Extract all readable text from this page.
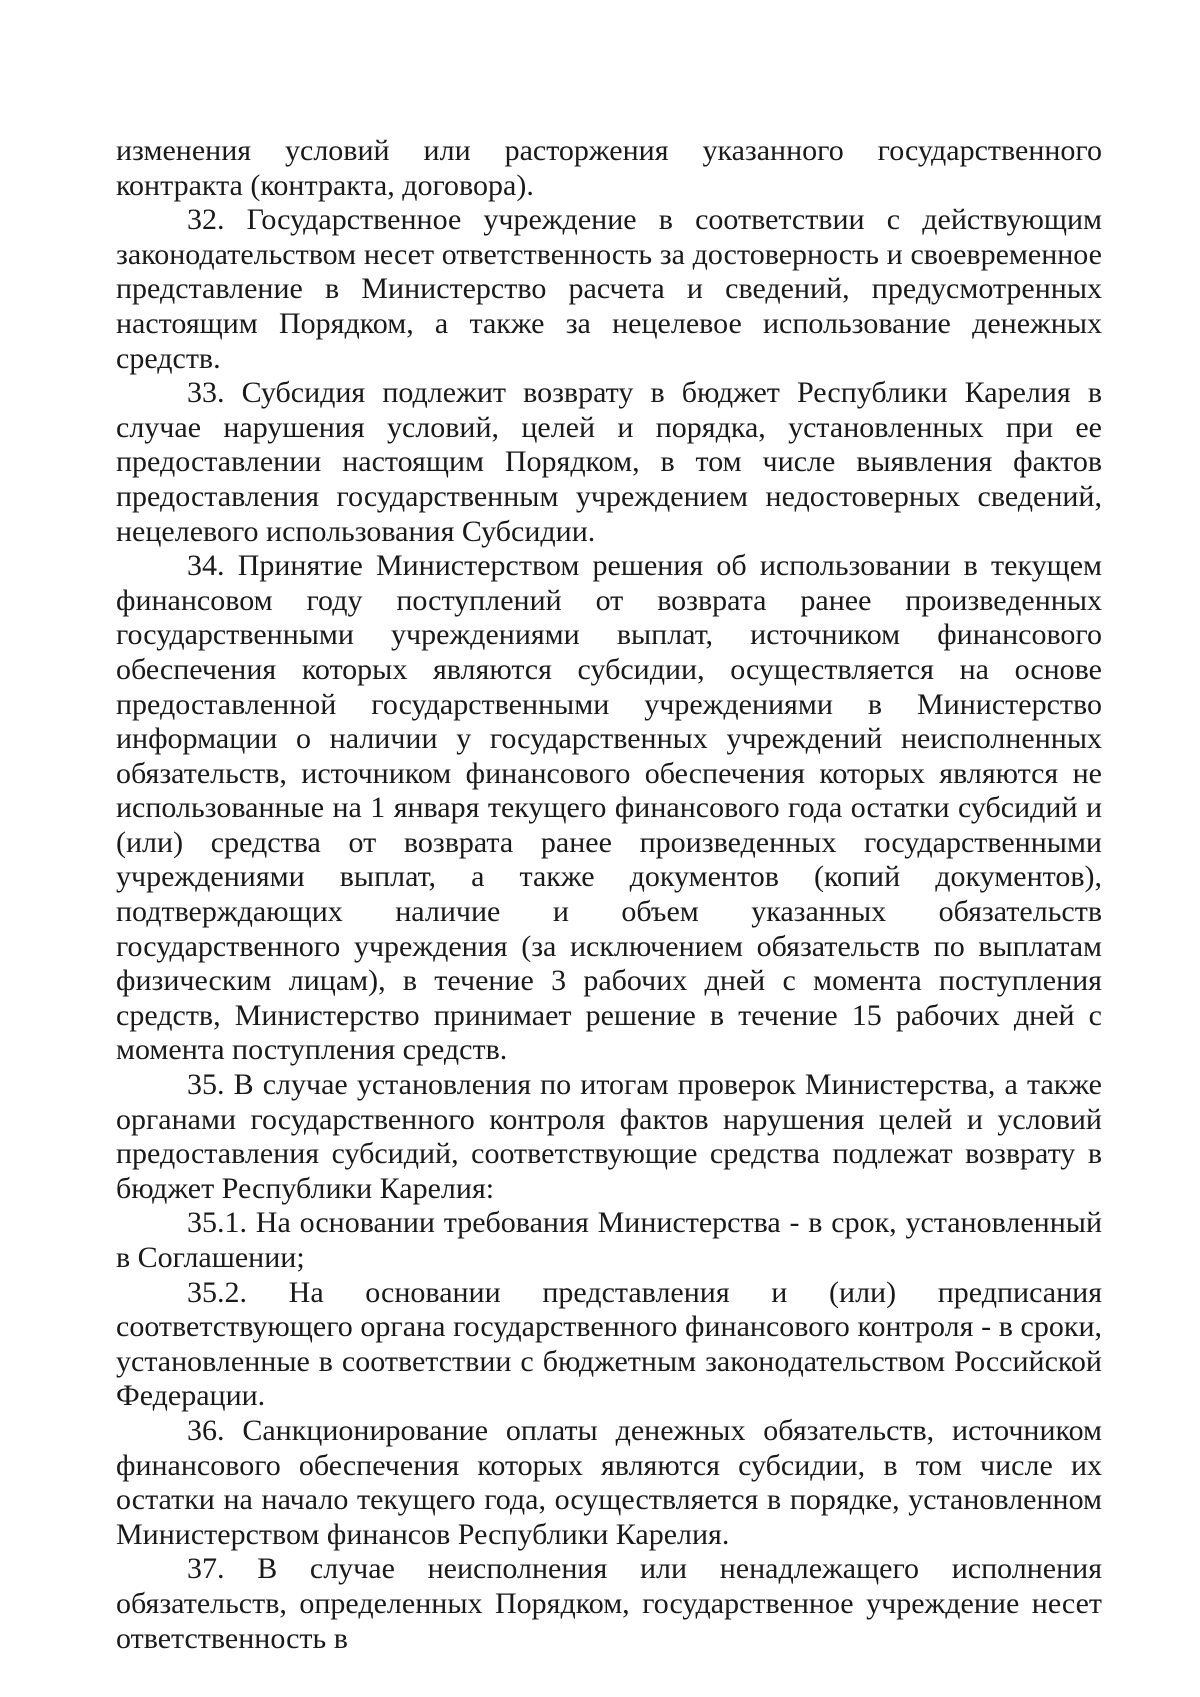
изменения условий или расторжения указанного государственного контракта (контракта, договора).

32. Государственное учреждение в соответствии с действующим законодательством несет ответственность за достоверность и своевременное представление в Министерство расчета и сведений, предусмотренных настоящим Порядком, а также за нецелевое использование денежных средств.

33. Субсидия подлежит возврату в бюджет Республики Карелия в случае нарушения условий, целей и порядка, установленных при ее предоставлении настоящим Порядком, в том числе выявления фактов предоставления государственным учреждением недостоверных сведений, нецелевого использования Субсидии.

34. Принятие Министерством решения об использовании в текущем финансовом году поступлений от возврата ранее произведенных государственными учреждениями выплат, источником финансового обеспечения которых являются субсидии, осуществляется на основе предоставленной государственными учреждениями в Министерство информации о наличии у государственных учреждений неисполненных обязательств, источником финансового обеспечения которых являются не использованные на 1 января текущего финансового года остатки субсидий и (или) средства от возврата ранее произведенных государственными учреждениями выплат, а также документов (копий документов), подтверждающих наличие и объем указанных обязательств государственного учреждения (за исключением обязательств по выплатам физическим лицам), в течение 3 рабочих дней с момента поступления средств, Министерство принимает решение в течение 15 рабочих дней с момента поступления средств.

35. В случае установления по итогам проверок Министерства, а также органами государственного контроля фактов нарушения целей и условий предоставления субсидий, соответствующие средства подлежат возврату в бюджет Республики Карелия:

35.1. На основании требования Министерства - в срок, установленный в Соглашении;

35.2. На основании представления и (или) предписания соответствующего органа государственного финансового контроля - в сроки, установленные в соответствии с бюджетным законодательством Российской Федерации.

36. Санкционирование оплаты денежных обязательств, источником финансового обеспечения которых являются субсидии, в том числе их остатки на начало текущего года, осуществляется в порядке, установленном Министерством финансов Республики Карелия.

37. В случае неисполнения или ненадлежащего исполнения обязательств, определенных Порядком, государственное учреждение несет ответственность в
